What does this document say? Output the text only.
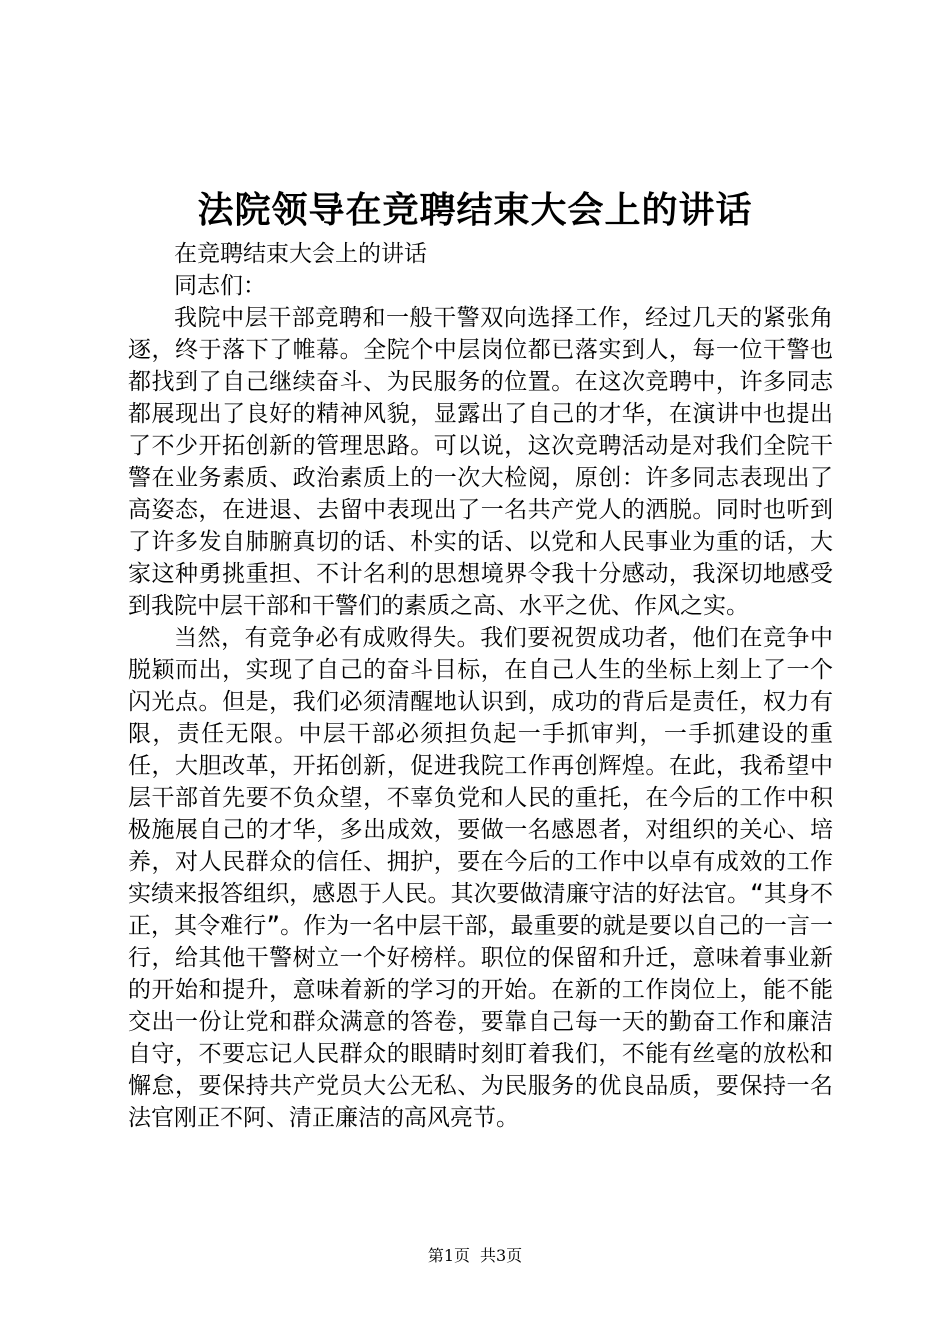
法院领导在竞聘结束大会上的讲话
在竞聘结束大会上的讲话
同志们：

我院中层干部竞聘和一般干警双向选择工作，经过几天的紧张角逐，终于落下了帷幕。全院个中层岗位都已落实到人，每一位干警也都找到了自己继续奋斗、为民服务的位置。在这次竞聘中，许多同志都展现出了良好的精神风貌，显露出了自己的才华，在演讲中也提出了不少开拓创新的管理思路。可以说，这次竞聘活动是对我们全院干警在业务素质、政治素质上的一次大检阅，原创：许多同志表现出了高姿态，在进退、去留中表现出了一名共产党人的洒脱。同时也听到了许多发自肺腑真切的话、朴实的话、以党和人民事业为重的话，大家这种勇挑重担、不计名利的思想境界令我十分感动，我深切地感受到我院中层干部和干警们的素质之高、水平之优、作风之实。

当然，有竞争必有成败得失。我们要祝贺成功者，他们在竞争中脱颖而出，实现了自己的奋斗目标，在自己人生的坐标上刻上了一个闪光点。但是，我们必须清醒地认识到，成功的背后是责任，权力有限，责任无限。中层干部必须担负起一手抓审判，一手抓建设的重任，大胆改革，开拓创新，促进我院工作再创辉煌。在此，我希望中层干部首先要不负众望，不辜负党和人民的重托，在今后的工作中积极施展自己的才华，多出成效，要做一名感恩者，对组织的关心、培养，对人民群众的信任、拥护，要在今后的工作中以卓有成效的工作实绩来报答组织，感恩于人民。其次要做清廉守洁的好法官。“其身不正，其令难行”。作为一名中层干部，最重要的就是要以自己的一言一行，给其他干警树立一个好榜样。职位的保留和升迁，意味着事业新的开始和提升，意味着新的学习的开始。在新的工作岗位上，能不能交出一份让党和群众满意的答卷，要靠自己每一天的勤奋工作和廉洁自守，不要忘记人民群众的眼睛时刻盯着我们，不能有丝毫的放松和懈怠，要保持共产党员大公无私、为民服务的优良品质，要保持一名法官刚正不阿、清正廉洁的高风亮节。

第1页 共3页
